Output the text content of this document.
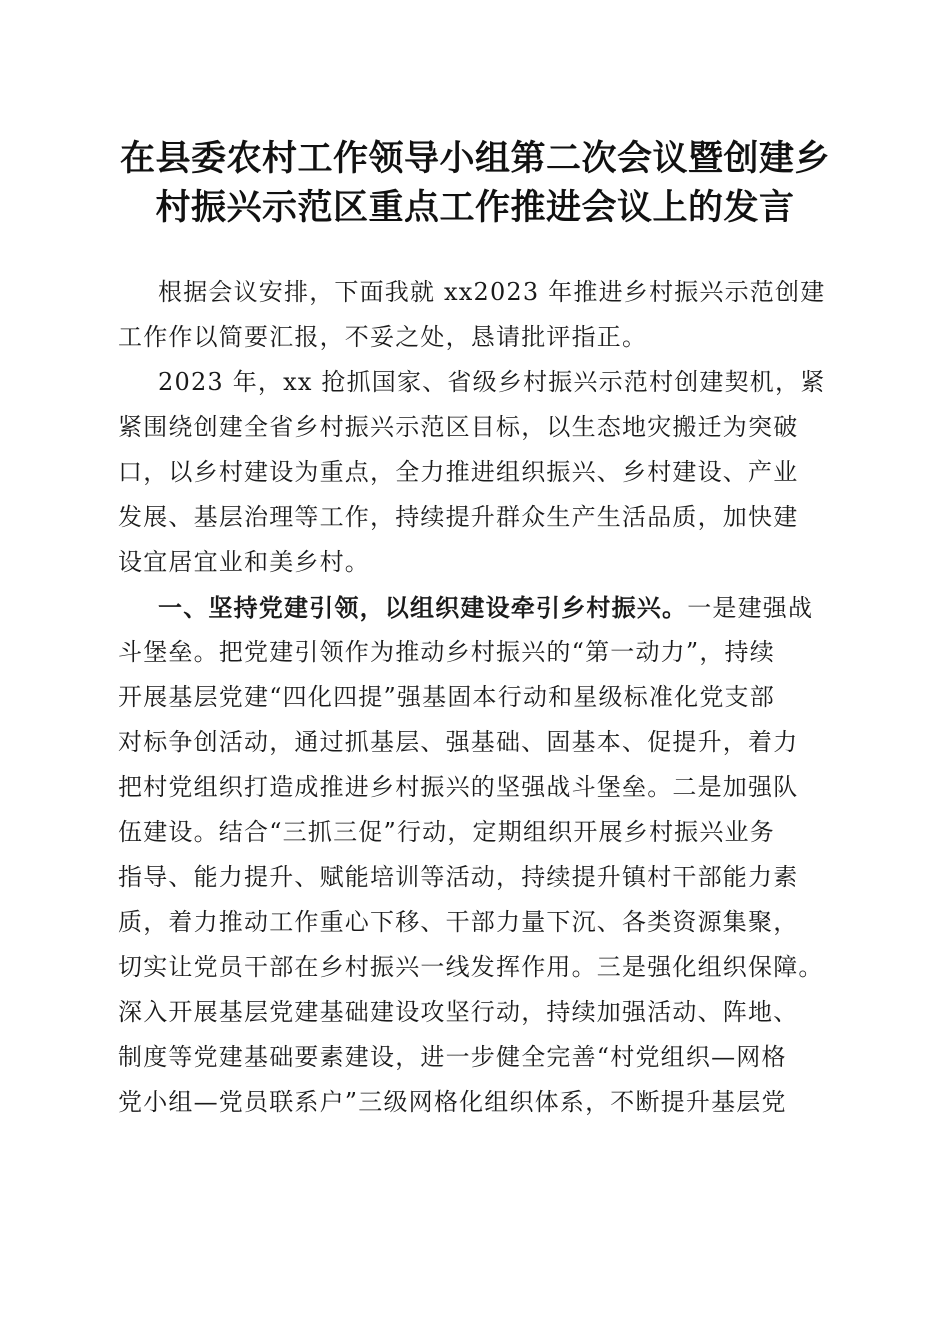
在县委农村工作领导小组第二次会议暨创建乡
村振兴示范区重点工作推进会议上的发言
根据会议安排，下面我就 xx2023 年推进乡村振兴示范创建
工作作以简要汇报，不妥之处，恳请批评指正。
2023 年，xx 抢抓国家、省级乡村振兴示范村创建契机，紧
紧围绕创建全省乡村振兴示范区目标，以生态地灾搬迁为突破
口，以乡村建设为重点，全力推进组织振兴、乡村建设、产业
发展、基层治理等工作，持续提升群众生产生活品质，加快建
设宜居宜业和美乡村。
一、坚持党建引领，以组织建设牵引乡村振兴。一是建强战
斗堡垒。把党建引领作为推动乡村振兴的“第一动力”，持续
开展基层党建“四化四提”强基固本行动和星级标准化党支部
对标争创活动，通过抓基层、强基础、固基本、促提升，着力
把村党组织打造成推进乡村振兴的坚强战斗堡垒。二是加强队
伍建设。结合“三抓三促”行动，定期组织开展乡村振兴业务
指导、能力提升、赋能培训等活动，持续提升镇村干部能力素
质，着力推动工作重心下移、干部力量下沉、各类资源集聚，
切实让党员干部在乡村振兴一线发挥作用。三是强化组织保障。
深入开展基层党建基础建设攻坚行动，持续加强活动、阵地、
制度等党建基础要素建设，进一步健全完善“村党组织—网格
党小组—党员联系户”三级网格化组织体系，不断提升基层党
